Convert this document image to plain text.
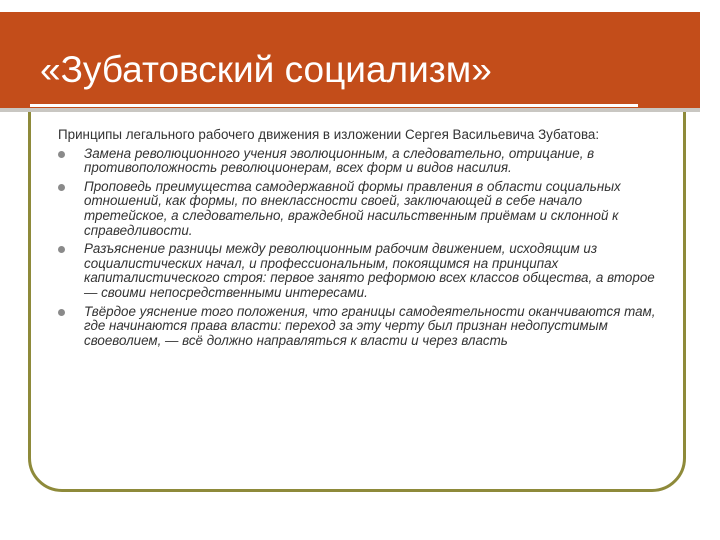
«Зубатовский социализм»

Принципы легального рабочего движения в изложении Сергея Васильевича Зубатова:

Замена революционного учения эволюционным, а следовательно, отрицание, в противоположность революционерам, всех форм и видов насилия.
Проповедь преимущества самодержавной формы правления в области социальных отношений, как формы, по внеклассности своей, заключающей в себе начало третейское, а следовательно, враждебной насильственным приёмам и склонной к справедливости.
Разъяснение разницы между революционным рабочим движением, исходящим из социалистических начал, и профессиональным, покоящимся на принципах капиталистического строя: первое занято реформою всех классов общества, а второе — своими непосредственными интересами.
Твёрдое уяснение того положения, что границы самодеятельности оканчиваются там, где начинаются права власти: переход за эту черту был признан недопустимым своеволием, — всё должно направляться к власти и через власть
